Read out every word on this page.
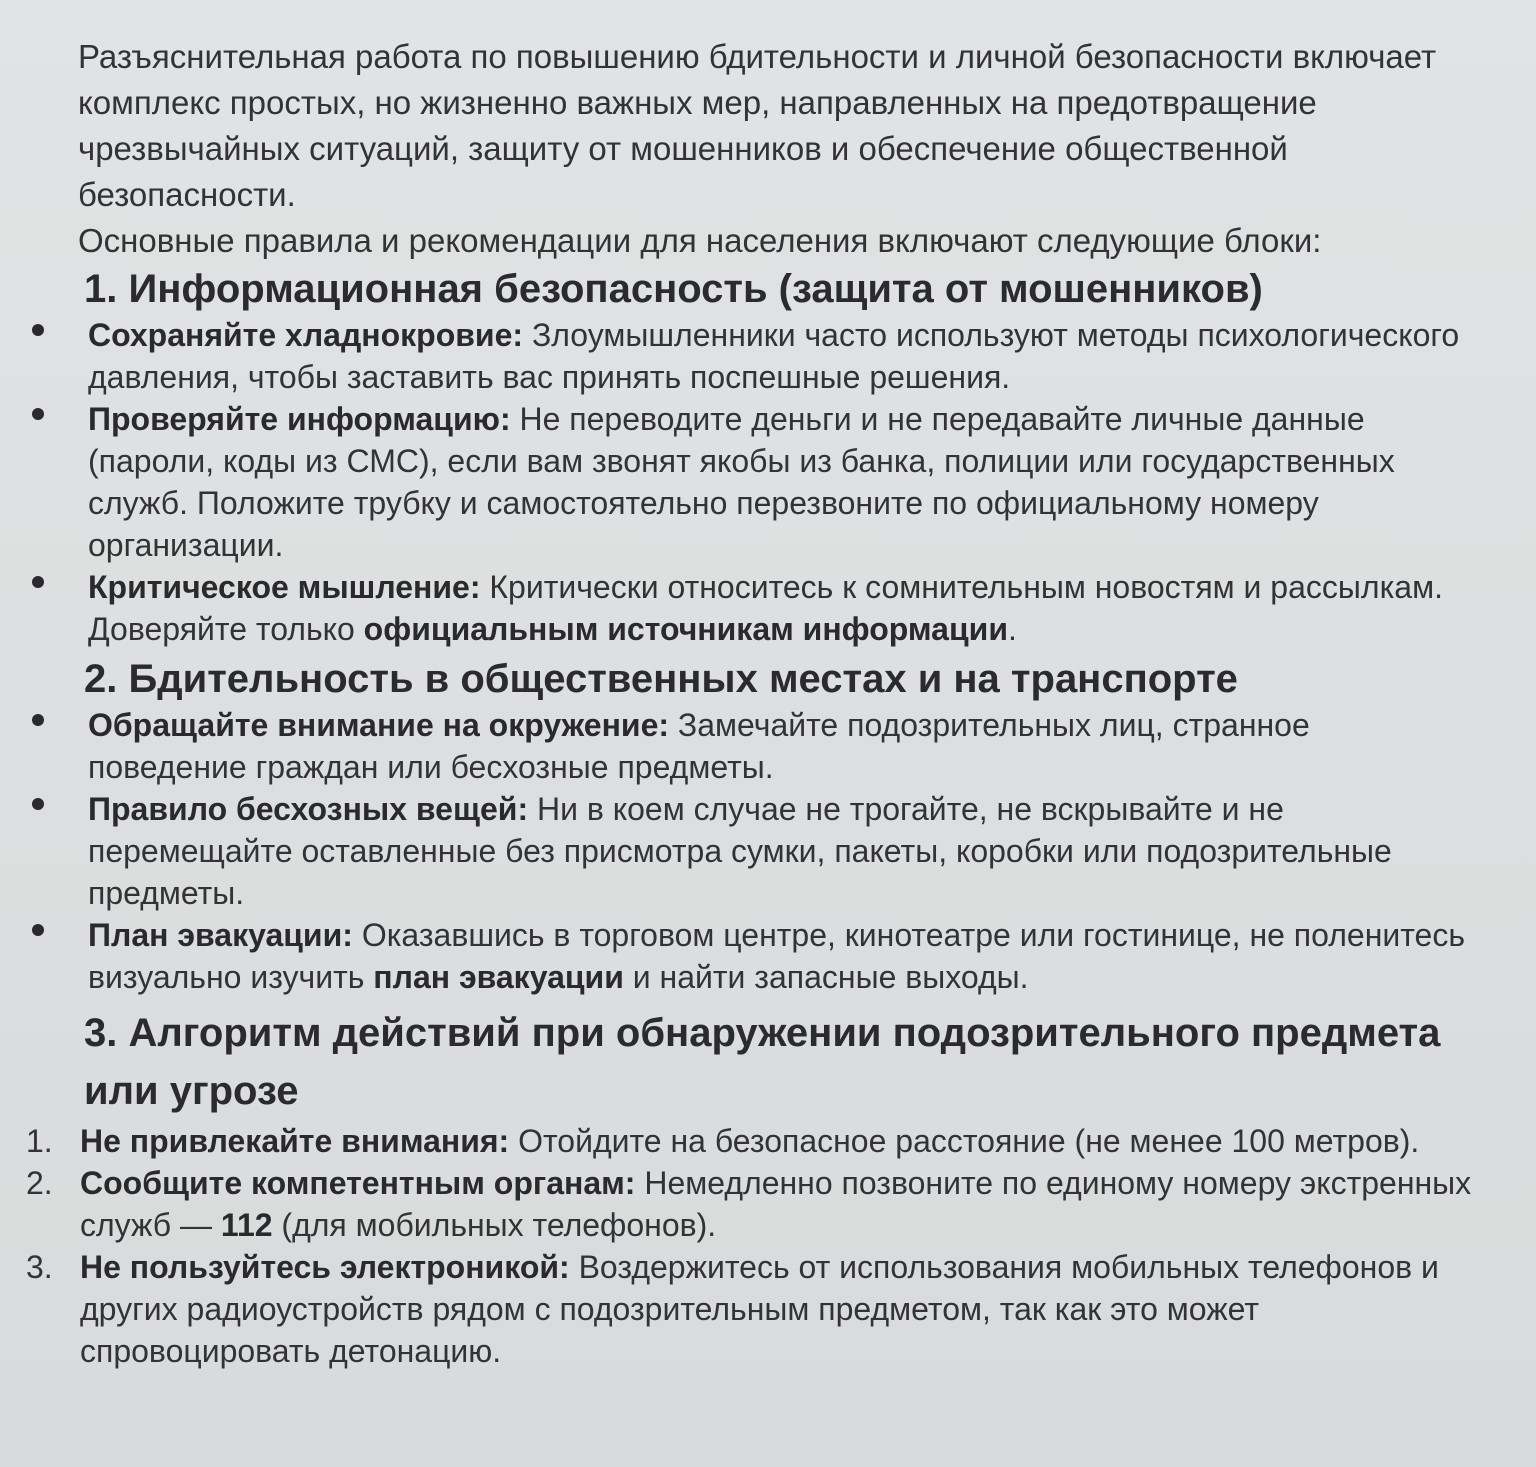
Разъяснительная работа по повышению бдительности и личной безопасности включает комплекс простых, но жизненно важных мер, направленных на предотвращение чрезвычайных ситуаций, защиту от мошенников и обеспечение общественной безопасности.

Основные правила и рекомендации для населения включают следующие блоки:

1. Информационная безопасность (защита от мошенников)
Сохраняйте хладнокровие: Злоумышленники часто используют методы психологического давления, чтобы заставить вас принять поспешные решения.
Проверяйте информацию: Не переводите деньги и не передавайте личные данные (пароли, коды из СМС), если вам звонят якобы из банка, полиции или государственных служб. Положите трубку и самостоятельно перезвоните по официальному номеру организации.
Критическое мышление: Критически относитесь к сомнительным новостям и рассылкам. Доверяйте только официальным источникам информации.
2. Бдительность в общественных местах и на транспорте
Обращайте внимание на окружение: Замечайте подозрительных лиц, странное поведение граждан или бесхозные предметы.
Правило бесхозных вещей: Ни в коем случае не трогайте, не вскрывайте и не перемещайте оставленные без присмотра сумки, пакеты, коробки или подозрительные предметы.
План эвакуации: Оказавшись в торговом центре, кинотеатре или гостинице, не поленитесь визуально изучить план эвакуации и найти запасные выходы.
3. Алгоритм действий при обнаружении подозрительного предмета или угрозе
1. Не привлекайте внимания: Отойдите на безопасное расстояние (не менее 100 метров).
2. Сообщите компетентным органам: Немедленно позвоните по единому номеру экстренных служб — 112 (для мобильных телефонов).
3. Не пользуйтесь электроникой: Воздержитесь от использования мобильных телефонов и других радиоустройств рядом с подозрительным предметом, так как это может спровоцировать детонацию.
